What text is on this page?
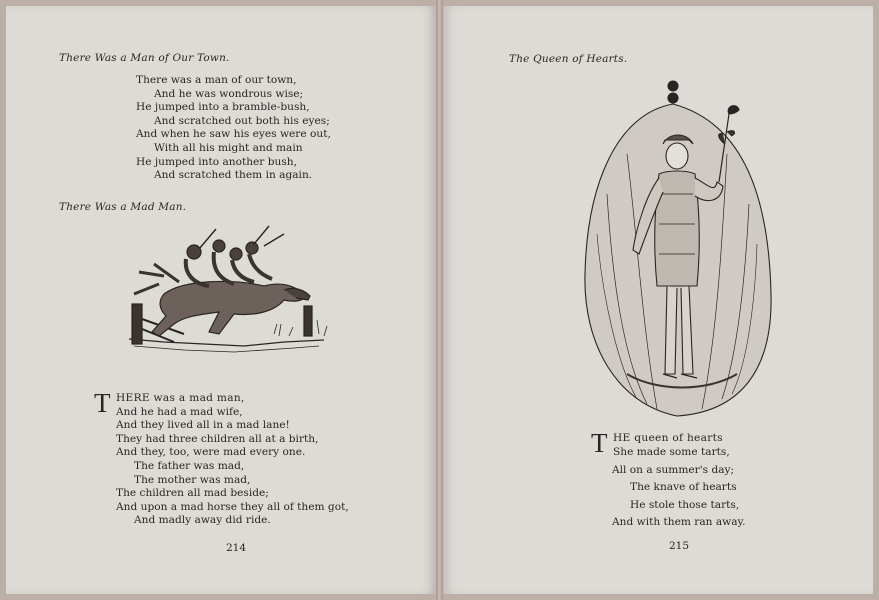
There Was a Man of Our Town.
There was a man of our town,
And he was wondrous wise;
He jumped into a bramble-bush,
And scratched out both his eyes;
And when he saw his eyes were out,
With all his might and main
He jumped into another bush,
And scratched them in again.
There Was a Mad Man.
T HERE was a mad man,
And he had a mad wife,
And they lived all in a mad lane!
They had three children all at a birth,
And they, too, were mad every one.
The father was mad,
The mother was mad,
The children all mad beside;
And upon a mad horse they all of them got,
And madly away did ride.
214
The Queen of Hearts.
T HE queen of hearts
She made some tarts,
All on a summer's day;
The knave of hearts
He stole those tarts,
And with them ran away.
215
